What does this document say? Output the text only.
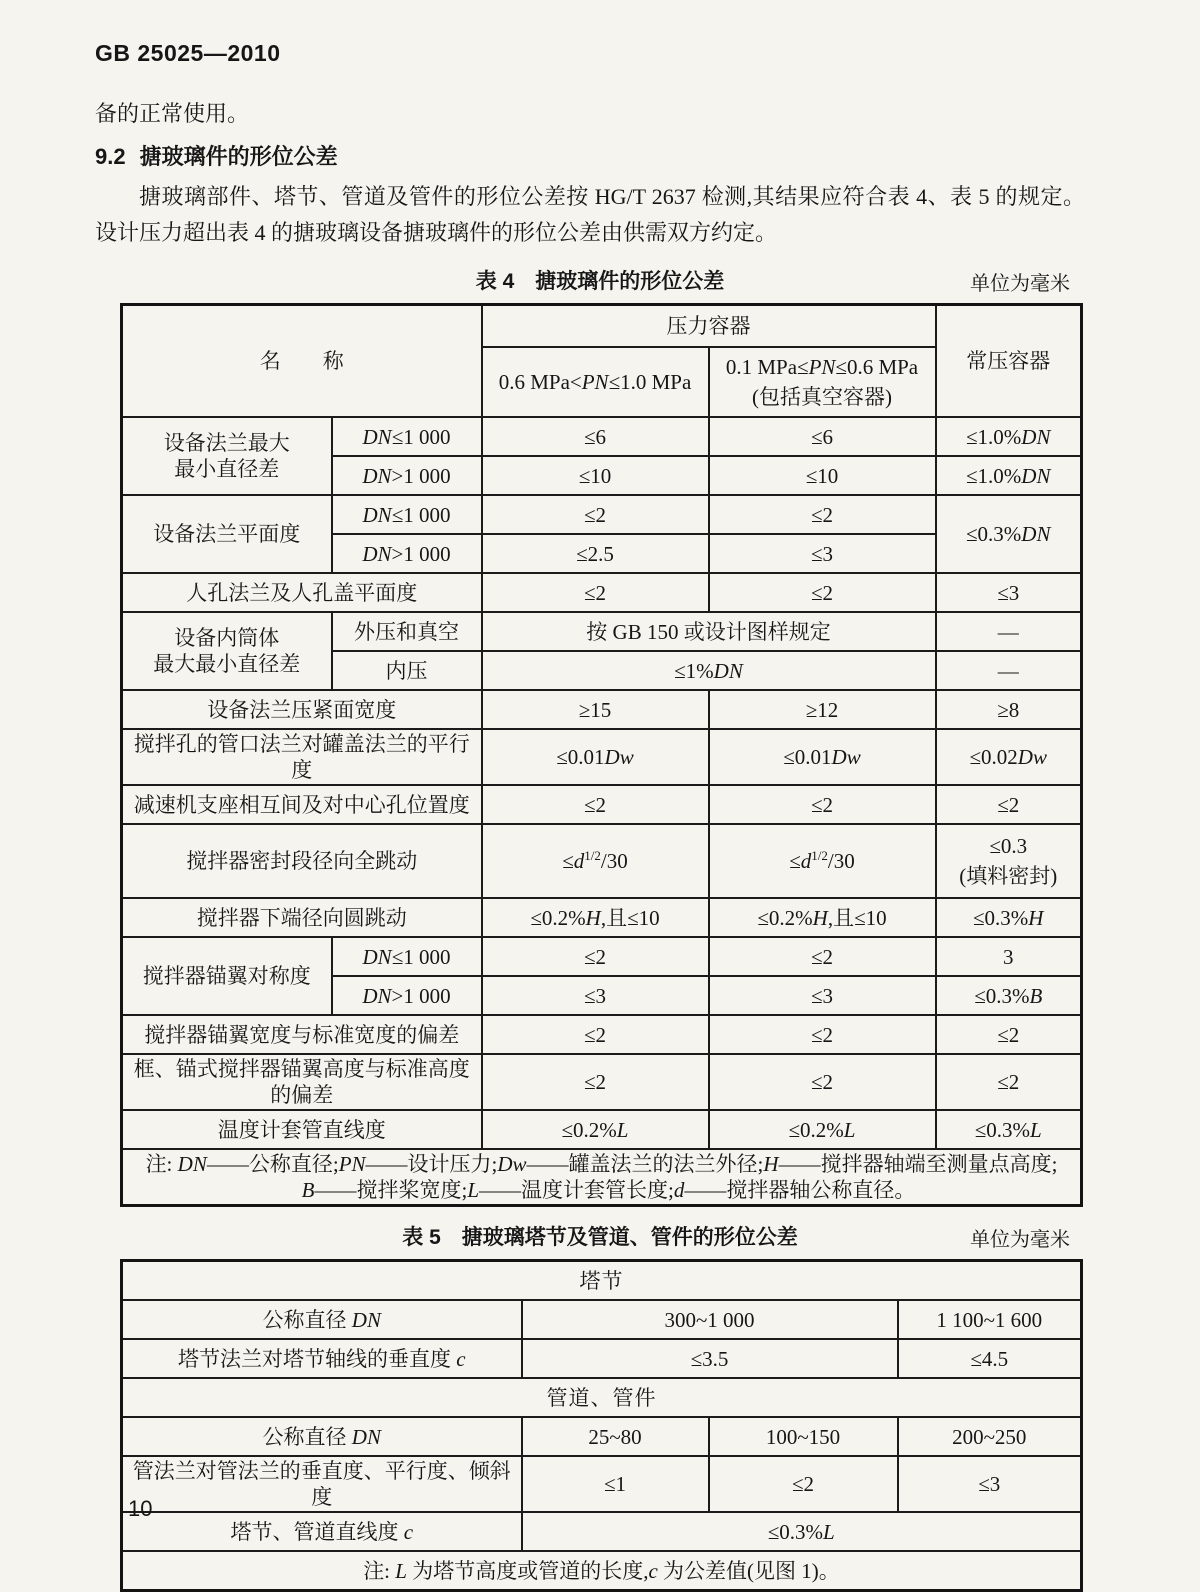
GB 25025—2010

备的正常使用。

9.2 搪玻璃件的形位公差

搪玻璃部件、塔节、管道及管件的形位公差按 HG/T 2637 检测,其结果应符合表 4、表 5 的规定。设计压力超出表 4 的搪玻璃设备搪玻璃件的形位公差由供需双方约定。

表 4　搪玻璃件的形位公差	单位为毫米
名　　称		压力容器		常压容器
		0.6 MPa<PN≤1.0 MPa	0.1 MPa≤PN≤0.6 MPa
(包括真空容器)	
设备法兰最大
最小直径差	DN≤1 000	≤6	≤6	≤1.0%DN
	DN>1 000	≤10	≤10	≤1.0%DN
设备法兰平面度	DN≤1 000	≤2	≤2	≤0.3%DN
	DN>1 000	≤2.5	≤3	
人孔法兰及人孔盖平面度		≤2	≤2	≤3
设备内筒体
最大最小直径差	外压和真空	按 GB 150 或设计图样规定		—
	内压	≤1%DN		—
设备法兰压紧面宽度		≥15	≥12	≥8
搅拌孔的管口法兰对罐盖法兰的平行度		≤0.01Dw	≤0.01Dw	≤0.02Dw
减速机支座相互间及对中心孔位置度		≤2	≤2	≤2
搅拌器密封段径向全跳动		$\le d^{1/2}/30$	$\le d^{1/2}/30$	≤0.3
(填料密封)
搅拌器下端径向圆跳动		≤0.2%H,且≤10	≤0.2%H,且≤10	≤0.3%H
搅拌器锚翼对称度	DN≤1 000	≤2	≤2	3
	DN>1 000	≤3	≤3	≤0.3%B
搅拌器锚翼宽度与标准宽度的偏差		≤2	≤2	≤2
框、锚式搅拌器锚翼高度与标准高度的偏差		≤2	≤2	≤2
温度计套管直线度		≤0.2%L	≤0.2%L	≤0.3%L
注: DN——公称直径;PN——设计压力;Dw——罐盖法兰的法兰外径;H——搅拌器轴端至测量点高度;
B——搅拌桨宽度;L——温度计套管长度;d——搅拌器轴公称直径。				
表 5　搪玻璃塔节及管道、管件的形位公差	单位为毫米
塔节			
公称直径 DN	300~1 000		1 100~1 600
塔节法兰对塔节轴线的垂直度 c	≤3.5		≤4.5
管道、管件			
公称直径 DN	25~80	100~150	200~250
管法兰对管法兰的垂直度、平行度、倾斜度	≤1	≤2	≤3
塔节、管道直线度 c	≤0.3%L		
注: L 为塔节高度或管道的长度,c 为公差值(见图 1)。			
10
